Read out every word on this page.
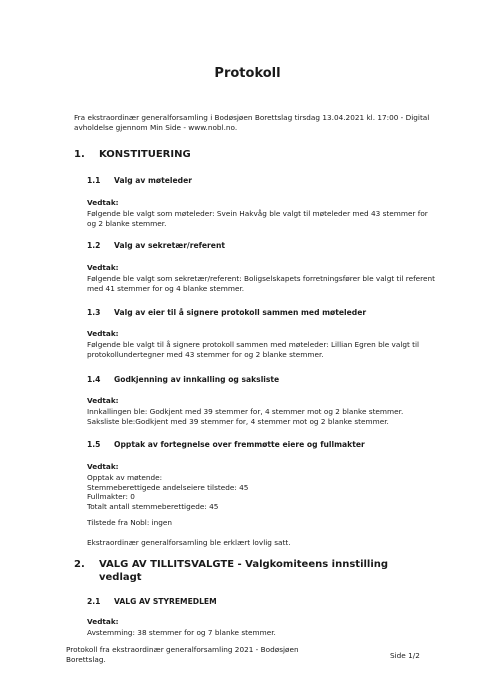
Protokoll

Fra ekstraordinær generalforsamling i Bodøsjøen Borettslag tirsdag 13.04.2021 kl. 17:00 - Digital avholdelse gjennom Min Side - www.nobl.no.

1. KONSTITUERING
1.1 Valg av møteleder
Vedtak:

Følgende ble valgt som møteleder: Svein Hakvåg ble valgt til møteleder med 43 stemmer for og 2 blanke stemmer.

1.2 Valg av sekretær/referent
Vedtak:

Følgende ble valgt som sekretær/referent: Boligselskapets forretningsfører ble valgt til referent med 41 stemmer for og 4 blanke stemmer.

1.3 Valg av eier til å signere protokoll sammen med møteleder
Vedtak:

Følgende ble valgt til å signere protokoll sammen med møteleder: Lillian Egren ble valgt til protokollundertegner med 43 stemmer for og 2 blanke stemmer.

1.4 Godkjenning av innkalling og saksliste
Vedtak:
Innkallingen ble: Godkjent med 39 stemmer for, 4 stemmer mot og 2 blanke stemmer.
Saksliste ble:Godkjent med 39 stemmer for, 4 stemmer mot og 2 blanke stemmer.
1.5 Opptak av fortegnelse over fremmøtte eiere og fullmakter
Vedtak:
Opptak av møtende:
Stemmeberettigede andelseiere tilstede: 45
Fullmakter: 0
Totalt antall stemmeberettigede: 45

Tilstede fra Nobl: ingen

Ekstraordinær generalforsamling ble erklært lovlig satt.

2. VALG AV TILLITSVALGTE - Valgkomiteens innstilling vedlagt
2.1 VALG AV STYREMEDLEM
Vedtak:

Avstemming: 38 stemmer for og 7 blanke stemmer.

Protokoll fra ekstraordinær generalforsamling 2021 - Bodøsjøen Borettslag.	Side 1/2
